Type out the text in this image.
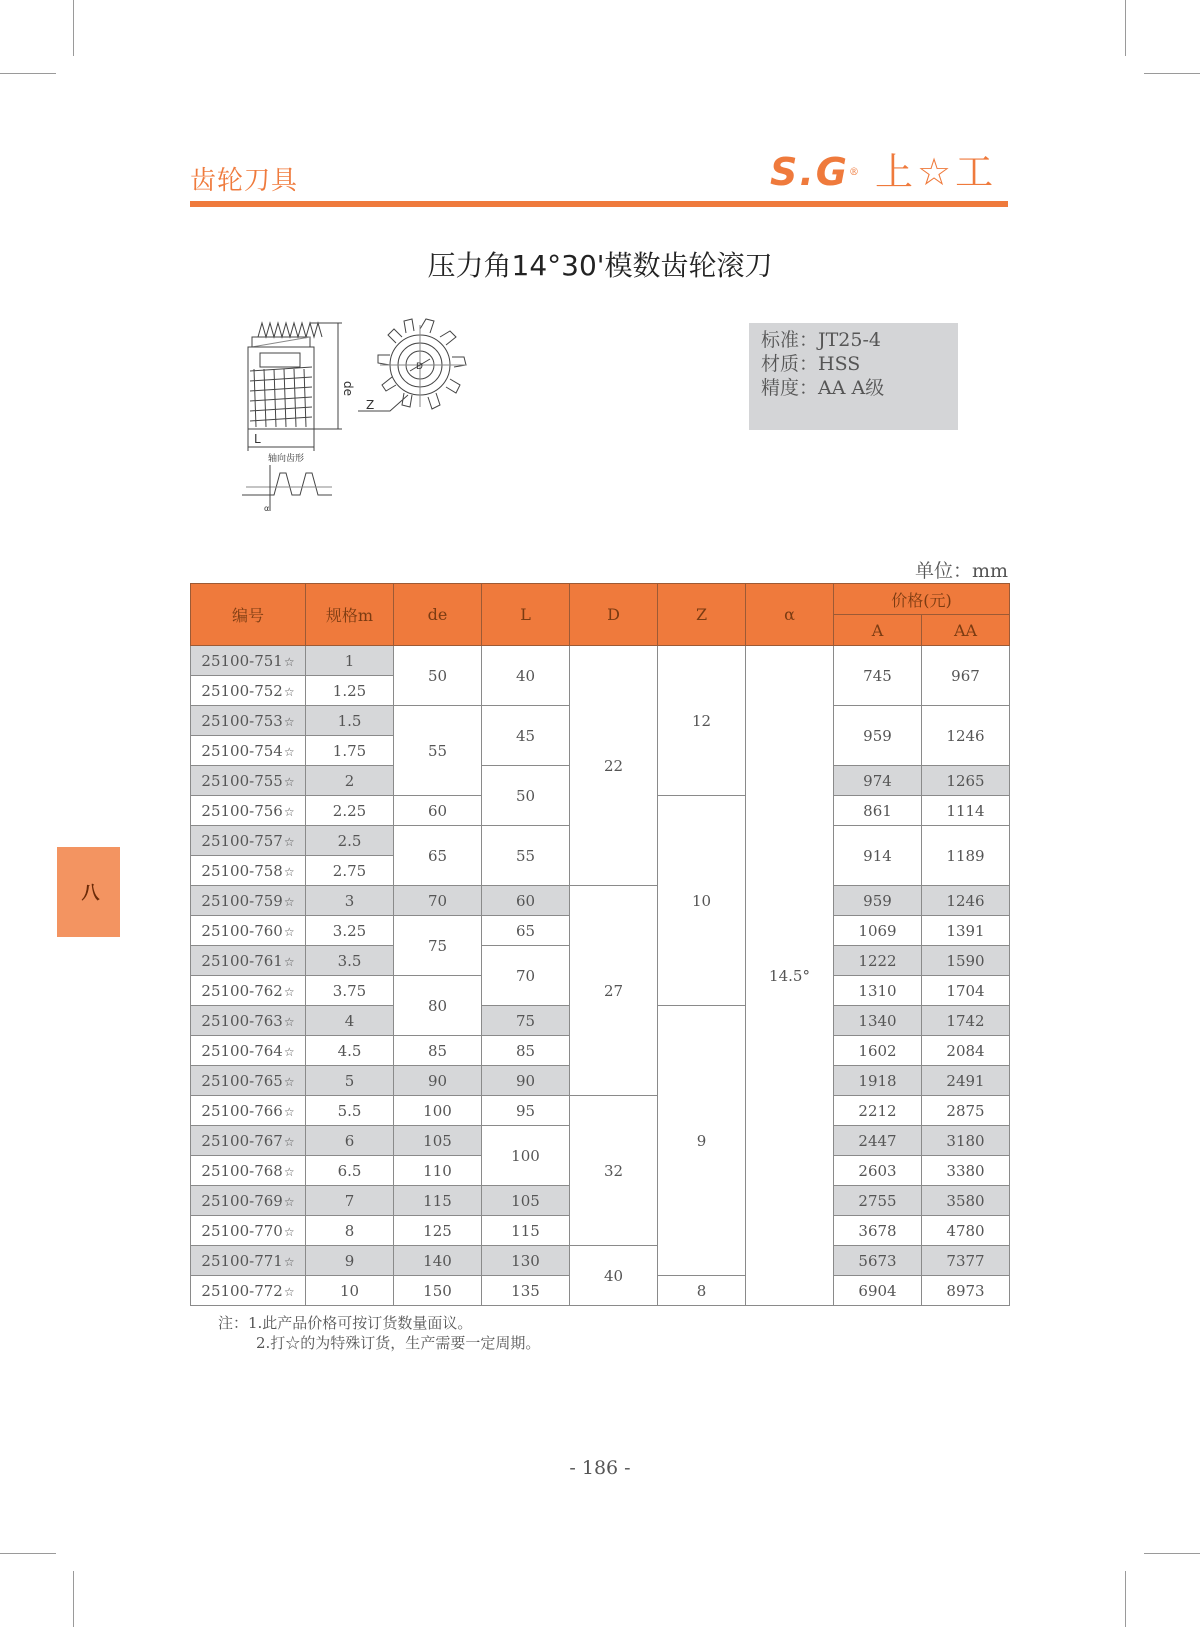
齿轮刀具	S.G ® 上☆工
压力角14°30'模数齿轮滚刀
L
de
D
Z
轴向齿形
α
标准：JT25-4
材质：HSS
精度：AA A级
单位：mm
编号	规格m	de	L	D	Z	α	价格(元)	
							A	AA
25100-751☆	1	50	40	22	12	14.5°	745	967
25100-752☆	1.25							
25100-753☆	1.5	55	45				959	1246
25100-754☆	1.75							
25100-755☆	2		50				974	1265
25100-756☆	2.25	60			10		861	1114
25100-757☆	2.5	65	55				914	1189
25100-758☆	2.75							
25100-759☆	3	70	60	27			959	1246
25100-760☆	3.25	75	65				1069	1391
25100-761☆	3.5		70				1222	1590
25100-762☆	3.75	80					1310	1704
25100-763☆	4		75		9		1340	1742
25100-764☆	4.5	85	85				1602	2084
25100-765☆	5	90	90				1918	2491
25100-766☆	5.5	100	95	32			2212	2875
25100-767☆	6	105	100				2447	3180
25100-768☆	6.5	110					2603	3380
25100-769☆	7	115	105				2755	3580
25100-770☆	8	125	115				3678	4780
25100-771☆	9	140	130	40			5673	7377
25100-772☆	10	150	135		8		6904	8973
注：1.此产品价格可按订货数量面议。
2.打☆的为特殊订货，生产需要一定周期。
八
- 186 -
